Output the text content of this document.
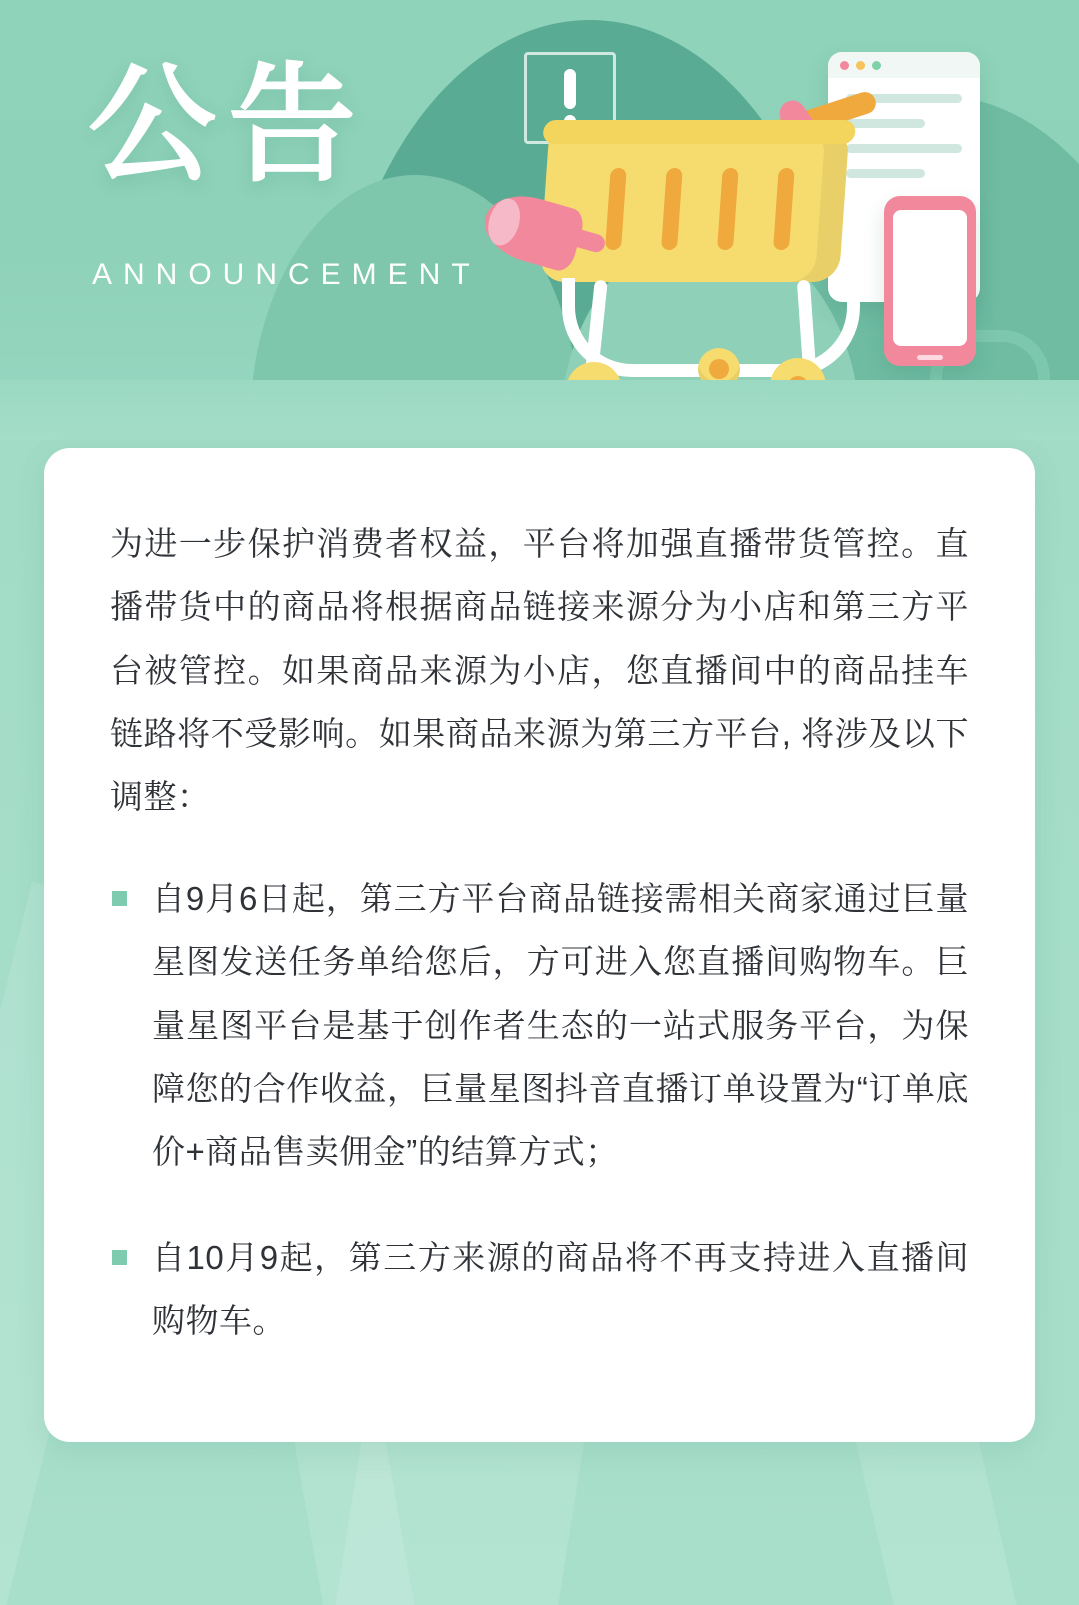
公告
ANNOUNCEMENT

为进一步保护消费者权益，平台将加强直播带货管控。直播带货中的商品将根据商品链接来源分为小店和第三方平台被管控。如果商品来源为小店，您直播间中的商品挂车链路将不受影响。如果商品来源为第三方平台, 将涉及以下调整：

自9月6日起，第三方平台商品链接需相关商家通过巨量星图发送任务单给您后，方可进入您直播间购物车。巨量星图平台是基于创作者生态的一站式服务平台，为保障您的合作收益，巨量星图抖音直播订单设置为“订单底价+商品售卖佣金”的结算方式；
自10月9起，第三方来源的商品将不再支持进入直播间购物车。
